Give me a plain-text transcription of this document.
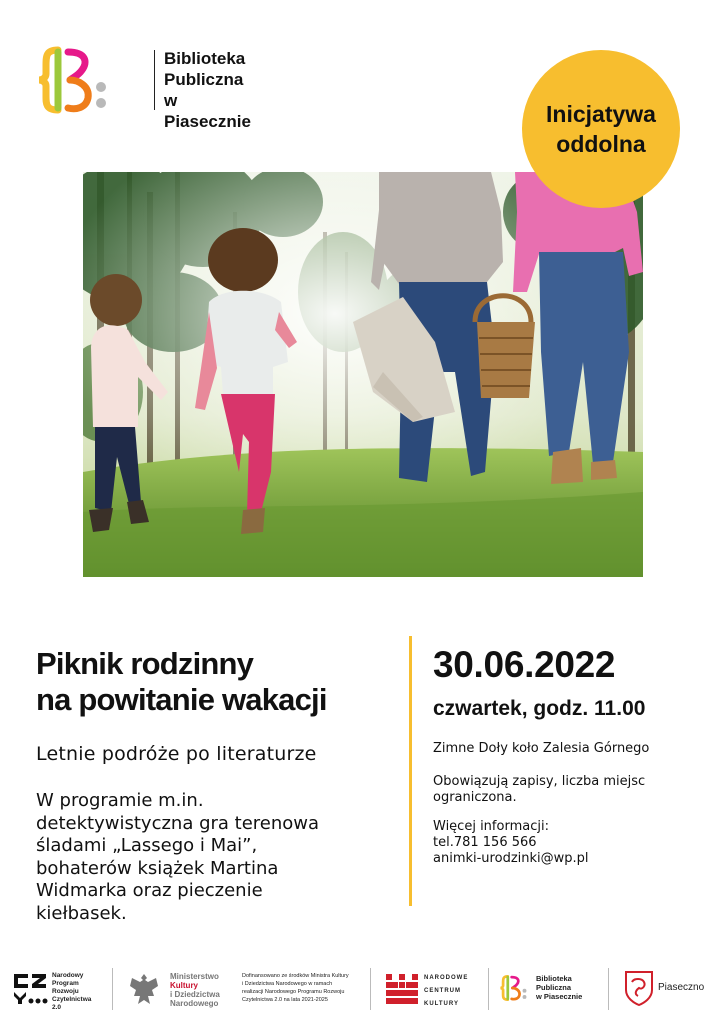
Biblioteka
Publiczna
w Piasecznie	Inicjatywa
oddolna
Piknik rodzinny
na powitanie wakacji
Letnie podróże po literaturze
W programie m.in.
detektywistyczna gra terenowa
śladami „Lassego i Mai”,
bohaterów książek Martina
Widmarka oraz pieczenie
kiełbasek.
30.06.2022
czwartek, godz. 11.00
Zimne Doły koło Zalesia Górnego
Obowiązują zapisy, liczba miejsc
ograniczona.
Więcej informacji:
tel.781 156 566
animki-urodzinki@wp.pl
Narodowy
Program
Rozwoju
Czytelnictwa
2.0
Ministerstwo
Kultury
i Dziedzictwa
Narodowego
Dofinansowano ze środków Ministra Kultury
i Dziedzictwa Narodowego w ramach
realizacji Narodowego Programu Rozwoju
Czytelnictwa 2.0 na lata 2021-2025
NARODOWE
CENTRUM
KULTURY
Biblioteka
Publiczna
w Piasecznie
Piaseczno
